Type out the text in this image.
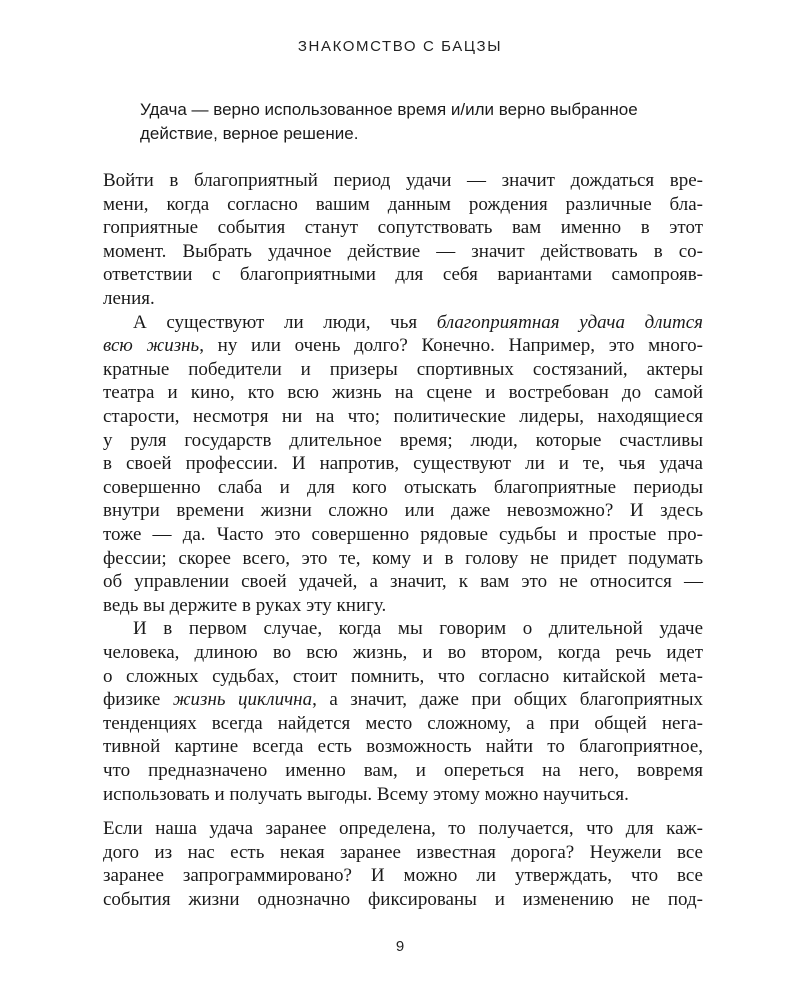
ЗНАКОМСТВО С БАЦЗЫ
Удача — верно использованное время и/или верно выбранное
действие, верное решение.
Войти в благоприятный период удачи — значит дождаться вре-
мени, когда согласно вашим данным рождения различные бла-
гоприятные события станут сопутствовать вам именно в этот
момент. Выбрать удачное действие — значит действовать в со-
ответствии с благоприятными для себя вариантами самопрояв-
ления.
А существуют ли люди, чья благоприятная удача длится
всю жизнь, ну или очень долго? Конечно. Например, это много-
кратные победители и призеры спортивных состязаний, актеры
театра и кино, кто всю жизнь на сцене и востребован до самой
старости, несмотря ни на что; политические лидеры, находящиеся
у руля государств длительное время; люди, которые счастливы
в своей профессии. И напротив, существуют ли и те, чья удача
совершенно слаба и для кого отыскать благоприятные периоды
внутри времени жизни сложно или даже невозможно? И здесь
тоже — да. Часто это совершенно рядовые судьбы и простые про-
фессии; скорее всего, это те, кому и в голову не придет подумать
об управлении своей удачей, а значит, к вам это не относится —
ведь вы держите в руках эту книгу.
И в первом случае, когда мы говорим о длительной удаче
человека, длиною во всю жизнь, и во втором, когда речь идет
о сложных судьбах, стоит помнить, что согласно китайской мета-
физике жизнь циклична, а значит, даже при общих благоприятных
тенденциях всегда найдется место сложному, а при общей нега-
тивной картине всегда есть возможность найти то благоприятное,
что предназначено именно вам, и опереться на него, вовремя
использовать и получать выгоды. Всему этому можно научиться.
Если наша удача заранее определена, то получается, что для каж-
дого из нас есть некая заранее известная дорога? Неужели все
заранее запрограммировано? И можно ли утверждать, что все
события жизни однозначно фиксированы и изменению не под-
9
